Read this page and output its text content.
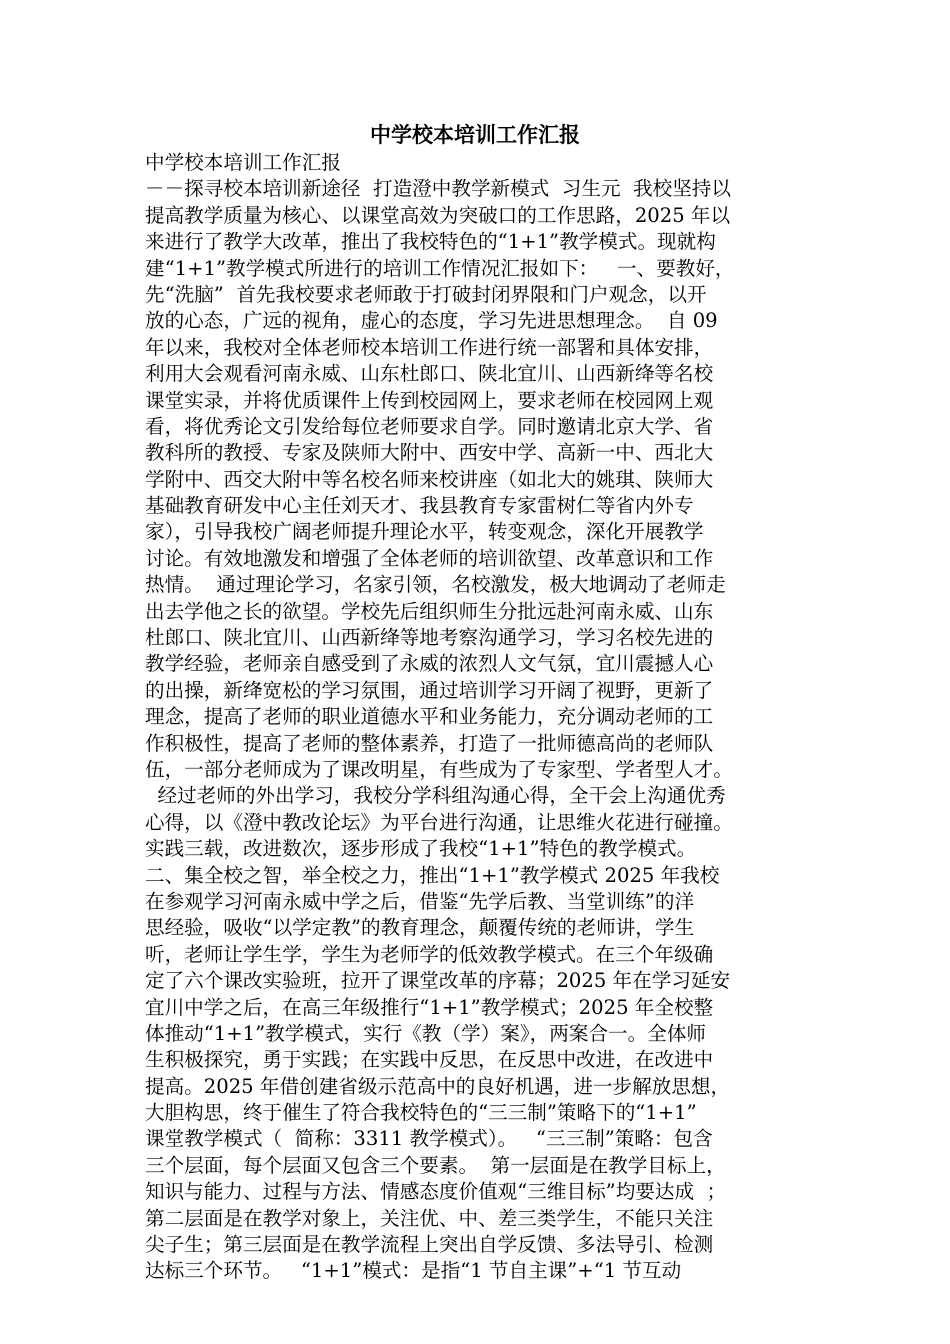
中学校本培训工作汇报
中学校本培训工作汇报
－－探寻校本培训新途径  打造澄中教学新模式  习生元  我校坚持以
提高教学质量为核心、以课堂高效为突破口的工作思路，2025 年以
来进行了教学大改革，推出了我校特色的“1+1”教学模式。现就构
建“1+1”教学模式所进行的培训工作情况汇报如下：   一、要教好，
先“洗脑”  首先我校要求老师敢于打破封闭界限和门户观念，以开
放的心态，广远的视角，虚心的态度，学习先进思想理念。  自 09
年以来，我校对全体老师校本培训工作进行统一部署和具体安排，
利用大会观看河南永威、山东杜郎口、陕北宜川、山西新绛等名校
课堂实录，并将优质课件上传到校园网上，要求老师在校园网上观
看，将优秀论文引发给每位老师要求自学。同时邀请北京大学、省
教科所的教授、专家及陕师大附中、西安中学、高新一中、西北大
学附中、西交大附中等名校名师来校讲座（如北大的姚琪、陕师大
基础教育研发中心主任刘天才、我县教育专家雷树仁等省内外专
家），引导我校广阔老师提升理论水平，转变观念，深化开展教学
讨论。有效地激发和增强了全体老师的培训欲望、改革意识和工作
热情。  通过理论学习，名家引领，名校激发，极大地调动了老师走
出去学他之长的欲望。学校先后组织师生分批远赴河南永威、山东
杜郎口、陕北宜川、山西新绛等地考察沟通学习，学习名校先进的
教学经验，老师亲自感受到了永威的浓烈人文气氛，宜川震撼人心
的出操，新绛宽松的学习氛围，通过培训学习开阔了视野，更新了
理念，提高了老师的职业道德水平和业务能力，充分调动老师的工
作积极性，提高了老师的整体素养，打造了一批师德高尚的老师队
伍，一部分老师成为了课改明星，有些成为了专家型、学者型人才。
经过老师的外出学习，我校分学科组沟通心得，全干会上沟通优秀
心得，以《澄中教改论坛》为平台进行沟通，让思维火花进行碰撞。
实践三载，改进数次，逐步形成了我校“1+1”特色的教学模式。
二、集全校之智，举全校之力，推出“1+1”教学模式 2025 年我校
在参观学习河南永威中学之后，借鉴“先学后教、当堂训练”的洋
思经验，吸收“以学定教”的教育理念，颠覆传统的老师讲，学生
听，老师让学生学，学生为老师学的低效教学模式。在三个年级确
定了六个课改实验班，拉开了课堂改革的序幕；2025 年在学习延安
宜川中学之后，在高三年级推行“1+1”教学模式；2025 年全校整
体推动“1+1”教学模式，实行《教（学）案》，两案合一。全体师
生积极探究，勇于实践；在实践中反思，在反思中改进，在改进中
提高。2025 年借创建省级示范高中的良好机遇，进一步解放思想，
大胆构思，终于催生了符合我校特色的“三三制”策略下的“1+1”
课堂教学模式（  简称：3311 教学模式）。   “三三制”策略：包含
三个层面，每个层面又包含三个要素。  第一层面是在教学目标上，
知识与能力、过程与方法、情感态度价值观“三维目标”均要达成  ；
第二层面是在教学对象上，关注优、中、差三类学生，不能只关注
尖子生；第三层面是在教学流程上突出自学反馈、多法导引、检测
达标三个环节。   “1+1”模式：是指“1 节自主课”+“1 节互动
